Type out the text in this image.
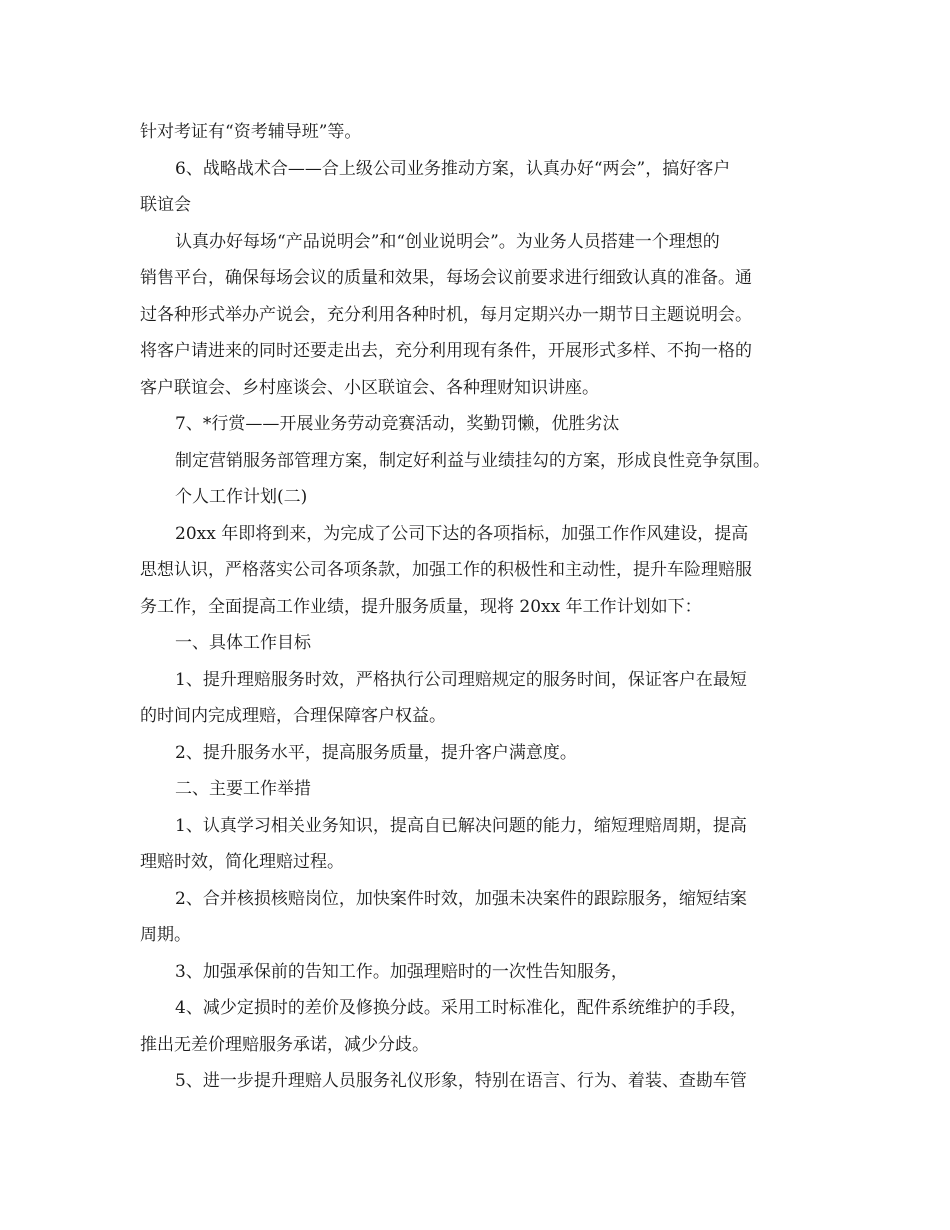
针对考证有“资考辅导班”等。

6、战略战术合——合上级公司业务推动方案，认真办好“两会”，搞好客户

联谊会

认真办好每场“产品说明会”和“创业说明会”。为业务人员搭建一个理想的

销售平台，确保每场会议的质量和效果，每场会议前要求进行细致认真的准备。通

过各种形式举办产说会，充分利用各种时机，每月定期兴办一期节日主题说明会。

将客户请进来的同时还要走出去，充分利用现有条件，开展形式多样、不拘一格的

客户联谊会、乡村座谈会、小区联谊会、各种理财知识讲座。

7、*行赏——开展业务劳动竞赛活动，奖勤罚懒，优胜劣汰

制定营销服务部管理方案，制定好利益与业绩挂勾的方案，形成良性竞争氛围。

个人工作计划(二)

20xx 年即将到来，为完成了公司下达的各项指标，加强工作作风建设，提高

思想认识，严格落实公司各项条款，加强工作的积极性和主动性，提升车险理赔服

务工作，全面提高工作业绩，提升服务质量，现将 20xx 年工作计划如下：

一、具体工作目标

1、提升理赔服务时效，严格执行公司理赔规定的服务时间，保证客户在最短

的时间内完成理赔，合理保障客户权益。

2、提升服务水平，提高服务质量，提升客户满意度。

二、主要工作举措

1、认真学习相关业务知识，提高自已解决问题的能力，缩短理赔周期，提高

理赔时效，简化理赔过程。

2、合并核损核赔岗位，加快案件时效，加强未决案件的跟踪服务，缩短结案

周期。

3、加强承保前的告知工作。加强理赔时的一次性告知服务，

4、减少定损时的差价及修换分歧。采用工时标准化，配件系统维护的手段，

推出无差价理赔服务承诺，减少分歧。

5、进一步提升理赔人员服务礼仪形象，特别在语言、行为、着装、查勘车管
